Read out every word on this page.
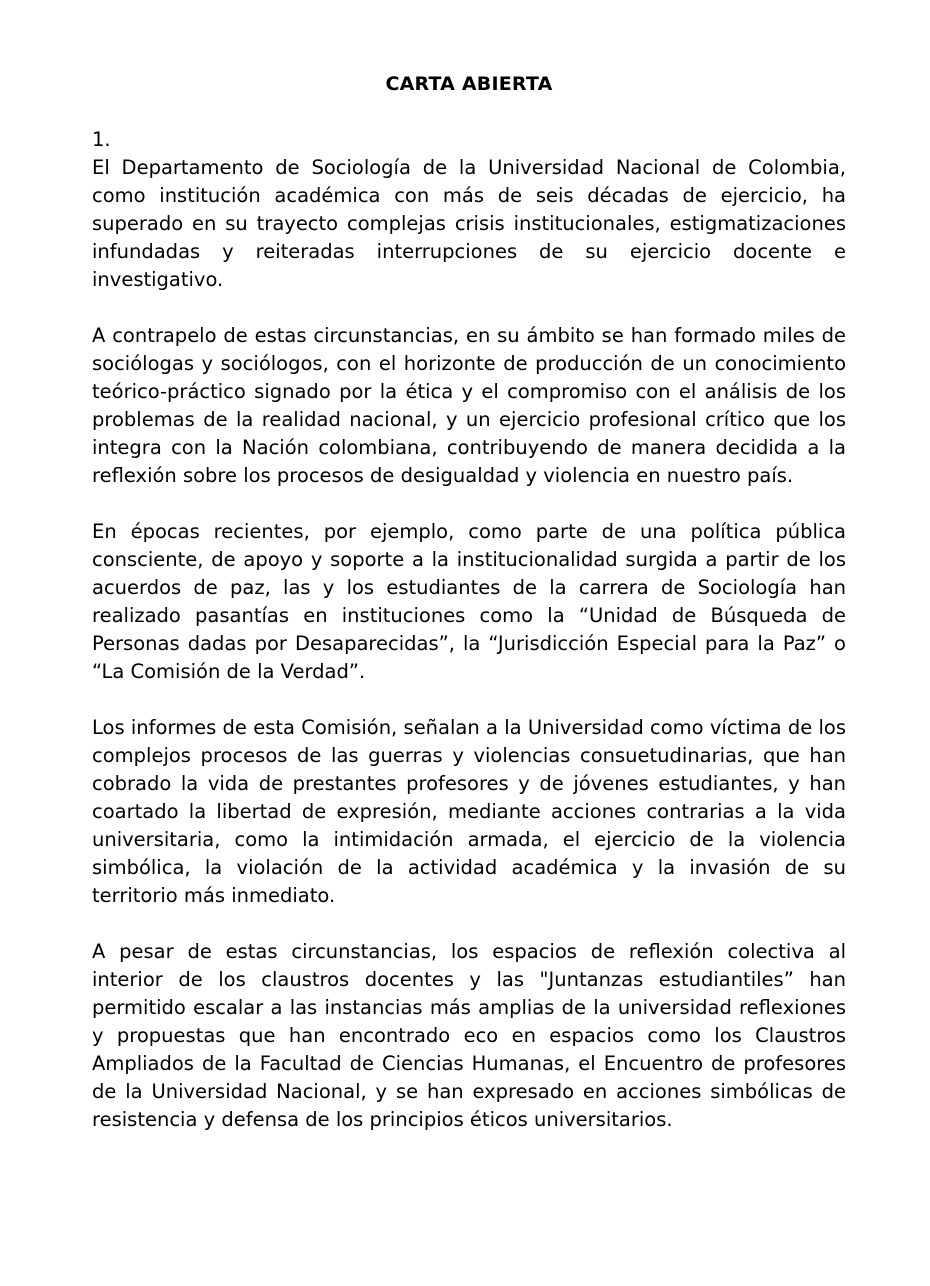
CARTA ABIERTA

1.

El Departamento de Sociología de la Universidad Nacional de Colombia, como institución académica con más de seis décadas de ejercicio, ha superado en su trayecto complejas crisis institucionales, estigmatizaciones infundadas y reiteradas interrupciones de su ejercicio docente e investigativo.

A contrapelo de estas circunstancias, en su ámbito se han formado miles de sociólogas y sociólogos, con el horizonte de producción de un conocimiento teórico-práctico signado por la ética y el compromiso con el análisis de los problemas de la realidad nacional, y un ejercicio profesional crítico que los integra con la Nación colombiana, contribuyendo de manera decidida a la reflexión sobre los procesos de desigualdad y violencia en nuestro país.

En épocas recientes, por ejemplo, como parte de una política pública consciente, de apoyo y soporte a la institucionalidad surgida a partir de los acuerdos de paz, las y los estudiantes de la carrera de Sociología han realizado pasantías en instituciones como la “Unidad de Búsqueda de Personas dadas por Desaparecidas”, la “Jurisdicción Especial para la Paz” o “La Comisión de la Verdad”.

Los informes de esta Comisión, señalan a la Universidad como víctima de los complejos procesos de las guerras y violencias consuetudinarias, que han cobrado la vida de prestantes profesores y de jóvenes estudiantes, y han coartado la libertad de expresión, mediante acciones contrarias a la vida universitaria, como la intimidación armada, el ejercicio de la violencia simbólica, la violación de la actividad académica y la invasión de su territorio más inmediato.

A pesar de estas circunstancias, los espacios de reflexión colectiva al interior de los claustros docentes y las "Juntanzas estudiantiles” han permitido escalar a las instancias más amplias de la universidad reflexiones y propuestas que han encontrado eco en espacios como los Claustros Ampliados de la Facultad de Ciencias Humanas, el Encuentro de profesores de la Universidad Nacional, y se han expresado en acciones simbólicas de resistencia y defensa de los principios éticos universitarios.
